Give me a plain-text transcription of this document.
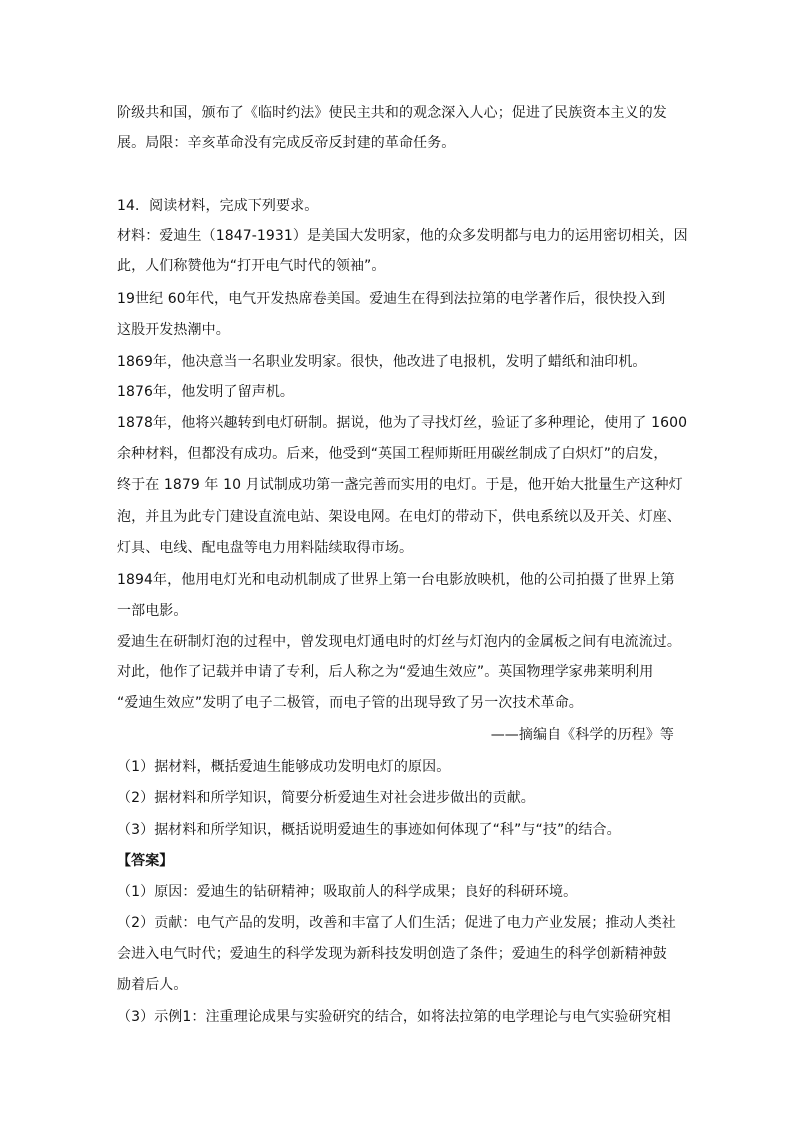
阶级共和国，颁布了《临时约法》使民主共和的观念深入人心；促进了民族资本主义的发
展。局限：辛亥革命没有完成反帝反封建的革命任务。
14．阅读材料，完成下列要求。
材料：爱迪生（1847-1931）是美国大发明家，他的众多发明都与电力的运用密切相关，因
此，人们称赞他为“打开电气时代的领袖”。
19世纪 60年代，电气开发热席卷美国。爱迪生在得到法拉第的电学著作后，很快投入到
这股开发热潮中。
1869年，他决意当一名职业发明家。很快，他改进了电报机，发明了蜡纸和油印机。
1876年，他发明了留声机。
1878年，他将兴趣转到电灯研制。据说，他为了寻找灯丝，验证了多种理论，使用了 1600
余种材料，但都没有成功。后来，他受到“英国工程师斯旺用碳丝制成了白炽灯”的启发，
终于在 1879 年 10 月试制成功第一盏完善而实用的电灯。于是，他开始大批量生产这种灯
泡，并且为此专门建设直流电站、架设电网。在电灯的带动下，供电系统以及开关、灯座、
灯具、电线、配电盘等电力用料陆续取得市场。
1894年，他用电灯光和电动机制成了世界上第一台电影放映机，他的公司拍摄了世界上第
一部电影。
爱迪生在研制灯泡的过程中，曾发现电灯通电时的灯丝与灯泡内的金属板之间有电流流过。
对此，他作了记载并申请了专利，后人称之为“爱迪生效应”。英国物理学家弗莱明利用
“爱迪生效应”发明了电子二极管，而电子管的出现导致了另一次技术革命。
——摘编自《科学的历程》等
（1）据材料，概括爱迪生能够成功发明电灯的原因。
（2）据材料和所学知识，简要分析爱迪生对社会进步做出的贡献。
（3）据材料和所学知识，概括说明爱迪生的事迹如何体现了“科”与“技”的结合。
【答案】
（1）原因：爱迪生的钻研精神；吸取前人的科学成果；良好的科研环境。
（2）贡献：电气产品的发明，改善和丰富了人们生活；促进了电力产业发展；推动人类社
会进入电气时代；爱迪生的科学发现为新科技发明创造了条件；爱迪生的科学创新精神鼓
励着后人。
（3）示例1：注重理论成果与实验研究的结合，如将法拉第的电学理论与电气实验研究相
